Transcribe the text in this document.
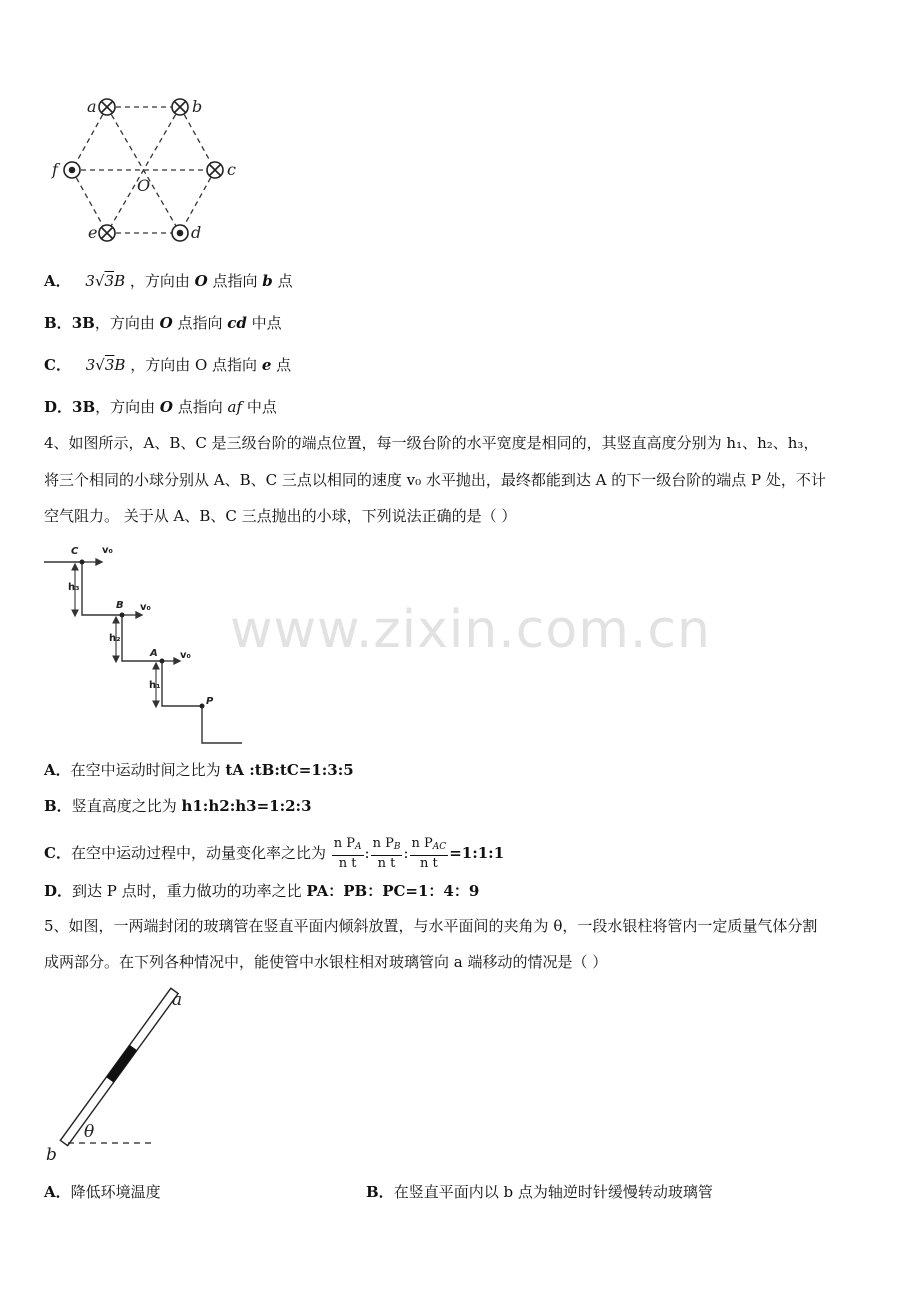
www.zixin.com.cn
a	b
c
d
e
f
O
A． 3√3B ，方向由 O 点指向 b 点
B．3B，方向由 O 点指向 cd 中点
C． 3√3B ，方向由 O 点指向 e 点
D．3B，方向由 O 点指向 af 中点
4、如图所示，A、B、C 是三级台阶的端点位置，每一级台阶的水平宽度是相同的，其竖直高度分别为 h₁、h₂、h₃，
将三个相同的小球分别从 A、B、C 三点以相同的速度 v₀ 水平抛出，最终都能到达 A 的下一级台阶的端点 P 处，不计
空气阻力。 关于从 A、B、C 三点抛出的小球，下列说法正确的是（ ）
C v₀
h₃
B v₀
h₂
A v₀
h₁
P
A．在空中运动时间之比为 tA :tB:tC=1:3:5
B．竖直高度之比为 h1:h2:h3=1:2:3
C．在空中运动过程中，动量变化率之比为 $\frac{\text{n PA}}{\text{n t}}$ : $\frac{\text{n PB}}{\text{n t}}$ : $\frac{\text{n PAC}}{\text{n t}}$ =1:1:1
D．到达 P 点时，重力做功的功率之比 PA：PB：PC=1：4：9
5、如图，一两端封闭的玻璃管在竖直平面内倾斜放置，与水平面间的夹角为 θ，一段水银柱将管内一定质量气体分割
成两部分。在下列各种情况中，能使管中水银柱相对玻璃管向 a 端移动的情况是（ ）
a
b
θ
A．降低环境温度	B．在竖直平面内以 b 点为轴逆时针缓慢转动玻璃管
